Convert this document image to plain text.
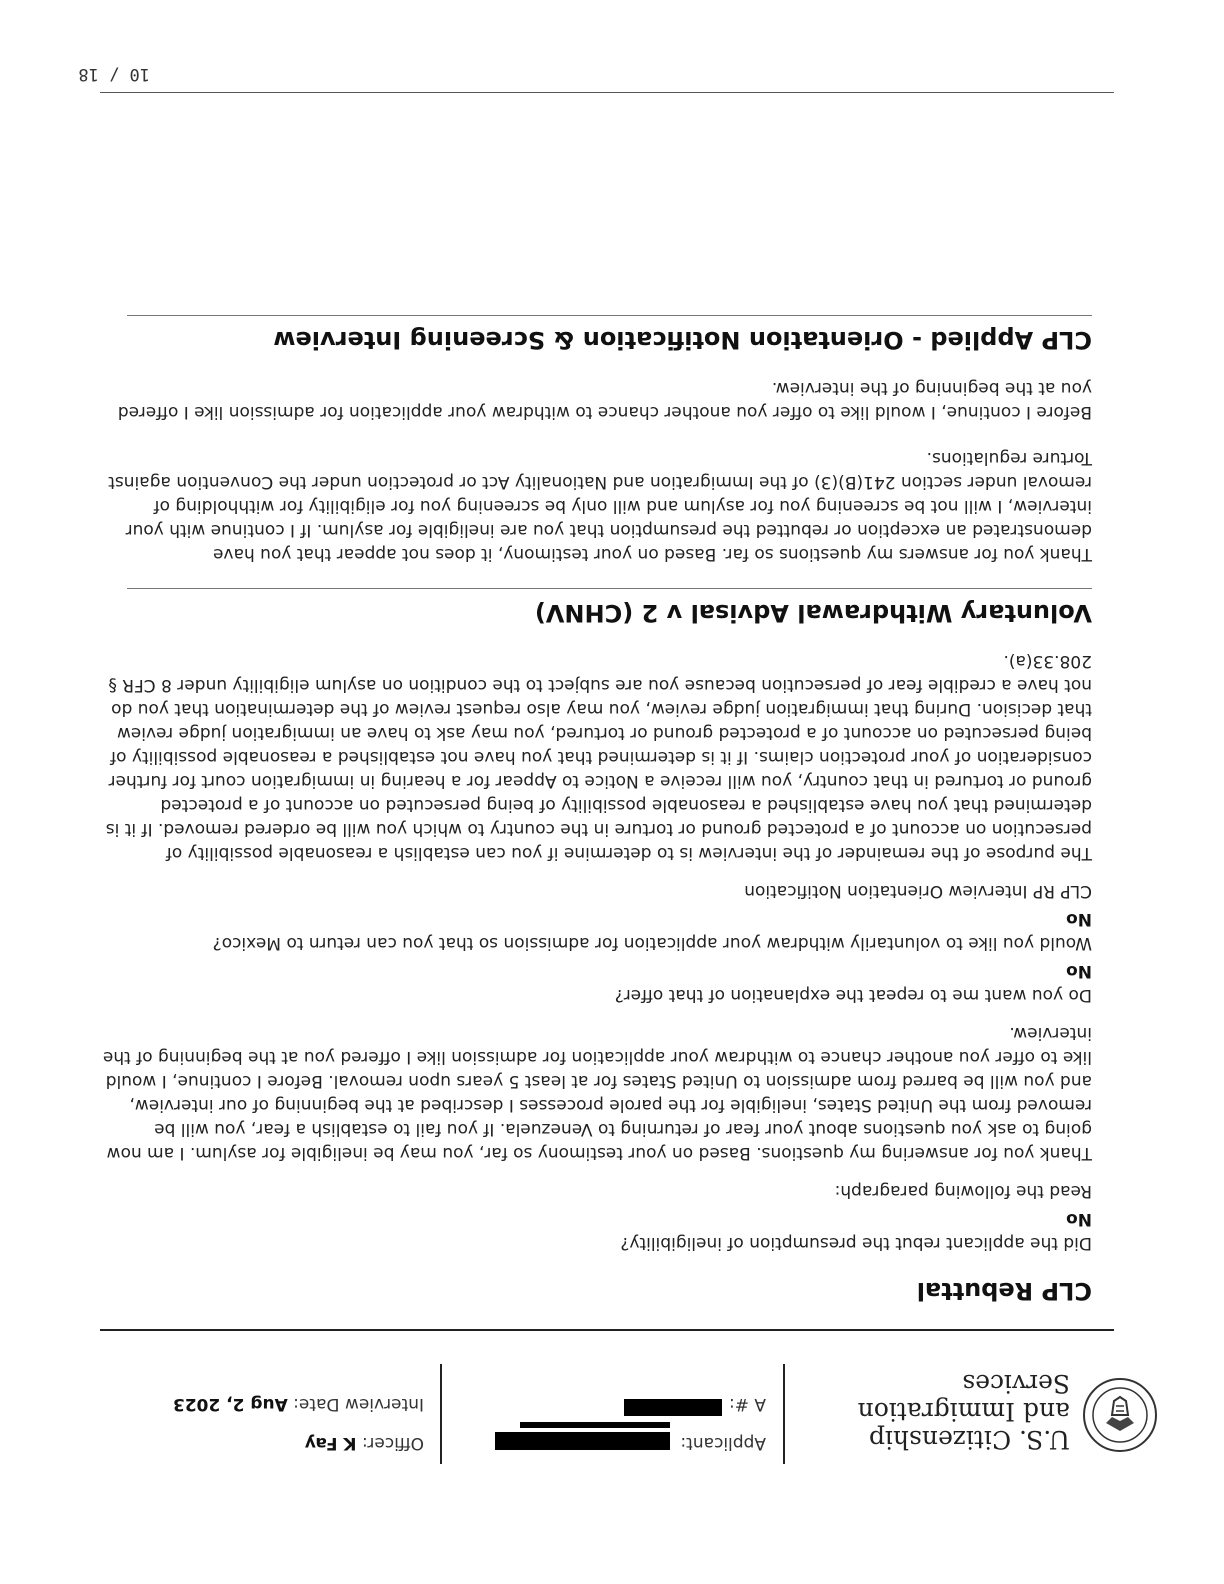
U.S. Citizenship and Immigration Services
Applicant:
A #:
Officer: K Fay
Interview Date: Aug 2, 2023
CLP Rebuttal

Did the applicant rebut the presumption of ineligibility?

No

Read the following paragraph:

Thank you for answering my questions. Based on your testimony so far, you may be ineligible for asylum. I am now going to ask you questions about your fear of returning to Venezuela. If you fail to establish a fear, you will be removed from the United States, ineligible for the parole processes I described at the beginning of our interview, and you will be barred from admission to United States for at least 5 years upon removal. Before I continue, I would like to offer you another chance to withdraw your application for admission like I offered you at the beginning of the interview.

Do you want me to repeat the explanation of that offer?

No

Would you like to voluntarily withdraw your application for admission so that you can return to Mexico?

No

CLP RP Interview Orientation Notification

The purpose of the remainder of the interview is to determine if you can establish a reasonable possibility of persecution on account of a protected ground or torture in the country to which you will be ordered removed. If it is determined that you have established a reasonable possibility of being persecuted on account of a protected ground or tortured in that country, you will receive a Notice to Appear for a hearing in immigration court for further consideration of your protection claims. If it is determined that you have not established a reasonable possibility of being persecuted on account of a protected ground or tortured, you may ask to have an immigration judge review that decision. During that immigration judge review, you may also request review of the determination that you do not have a credible fear of persecution because you are subject to the condition on asylum eligibility under 8 CFR § 208.33(a).

Voluntary Withdrawal Advisal v 2 (CHNV)

Thank you for answers my questions so far. Based on your testimony, it does not appear that you have demonstrated an exception or rebutted the presumption that you are ineligible for asylum. If I continue with your interview, I will not be screening you for asylum and will only be screening you for eligibility for withholding of removal under section 241(B)(3) of the Immigration and Nationality Act or protection under the Convention against Torture regulations.

Before I continue, I would like to offer you another chance to withdraw your application for admission like I offered you at the beginning of the interview.

CLP Applied - Orientation Notification & Screening Interview
10 / 18
